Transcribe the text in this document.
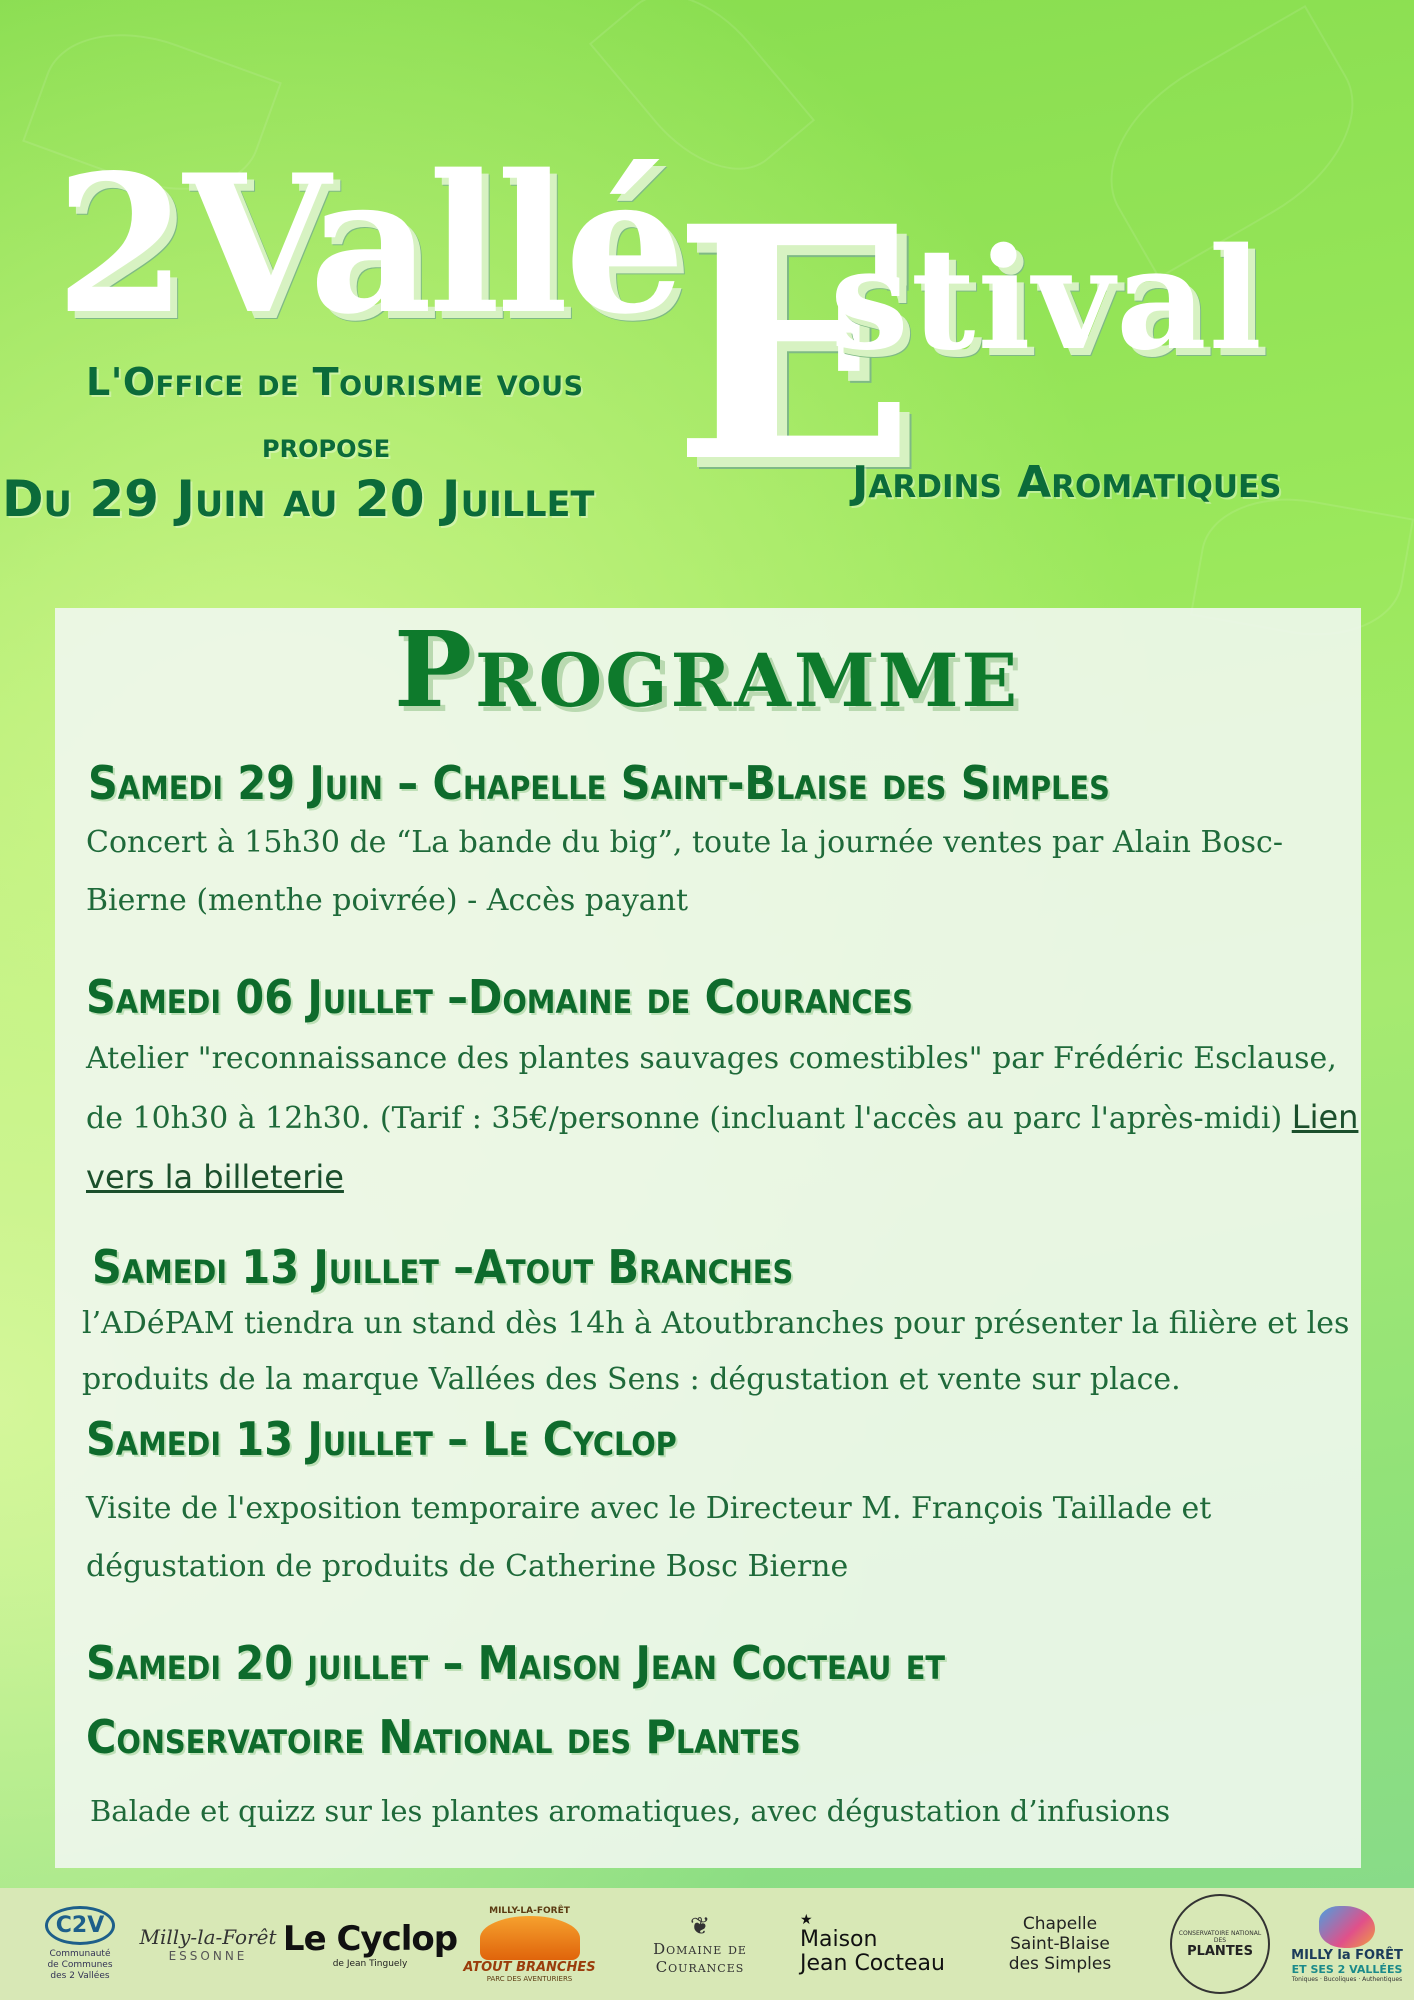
2Vallé
E
stival
L'Office de Tourisme vous
propose
Du 29 Juin au 20 Juillet	Jardins Aromatiques
Programme
Samedi 29 Juin – Chapelle Saint-Blaise des Simples
Concert à 15h30 de “La bande du big”, toute la journée ventes par Alain Bosc-Bierne (menthe poivrée) - Accès payant
Samedi 06 Juillet –Domaine de Courances
Atelier "reconnaissance des plantes sauvages comestibles" par Frédéric Esclause, de 10h30 à 12h30. (Tarif : 35€/personne (incluant l'accès au parc l'après-midi) Lien vers la billeterie
Samedi 13 Juillet –Atout Branches
l’ADéPAM tiendra un stand dès 14h à Atoutbranches pour présenter la filière et les produits de la marque Vallées des Sens : dégustation et vente sur place.
Samedi 13 Juillet – Le Cyclop
Visite de l'exposition temporaire avec le Directeur M. François Taillade et dégustation de produits de Catherine Bosc Bierne
Samedi 20 juillet – Maison Jean Cocteau et
Conservatoire National des Plantes
Balade et quizz sur les plantes aromatiques, avec dégustation d’infusions
C2V
Communauté
de Communes
des 2 Vallées
Milly-la-Forêt
ESSONNE Le Cyclop
de Jean Tinguely
MILLY-LA-FORÊT
ATOUT BRANCHES
PARC DES AVENTURIERS
❦
Domaine de Courances
★
Maison
Jean Cocteau
Chapelle
Saint-Blaise
des Simples
CONSERVATOIRE NATIONAL DES
PLANTES	MILLY la FORÊT
ET SES 2 VALLÉES
Toniques · Bucoliques · Authentiques
